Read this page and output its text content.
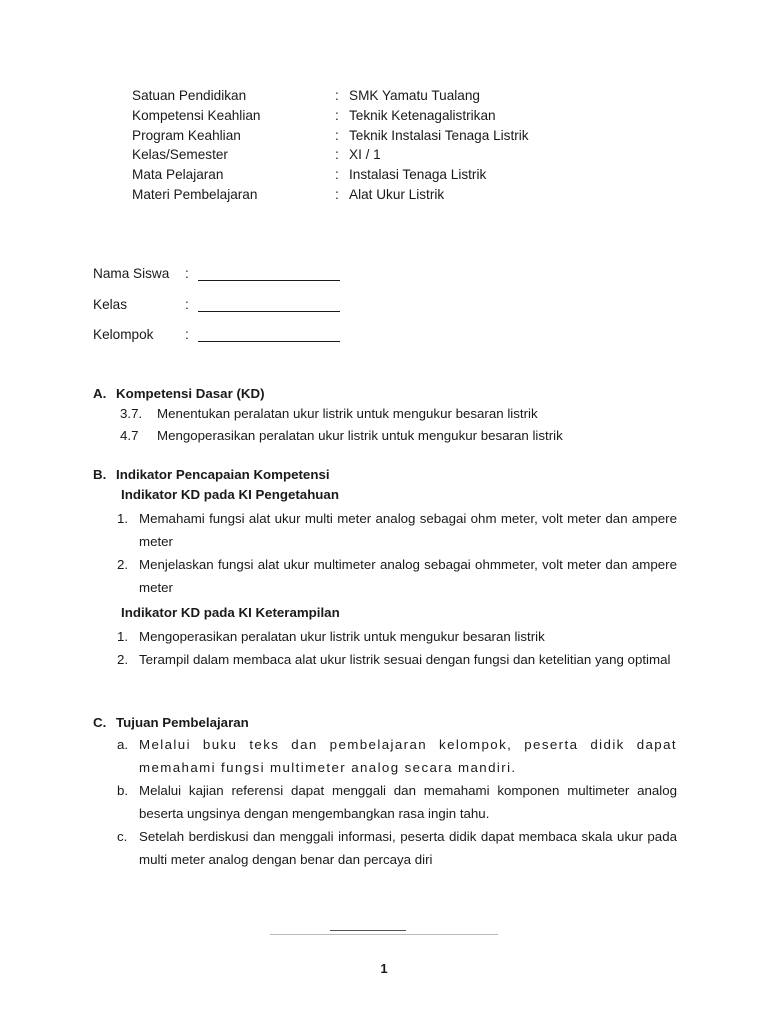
Satuan Pendidikan	: SMK Yamatu Tualang
Kompetensi Keahlian	: Teknik Ketenagalistrikan
Program Keahlian	: Teknik Instalasi Tenaga Listrik
Kelas/Semester	: XI / 1
Mata Pelajaran	: Instalasi Tenaga Listrik
Materi Pembelajaran	: Alat Ukur Listrik
Nama Siswa	:
Kelas	:
Kelompok	:
A. Kompetensi Dasar (KD)
3.7.	Menentukan peralatan ukur listrik untuk mengukur besaran listrik
4.7	Mengoperasikan peralatan ukur listrik untuk mengukur besaran listrik
B. Indikator Pencapaian Kompetensi
Indikator KD pada KI Pengetahuan
1. Memahami fungsi alat ukur multi meter analog sebagai ohm meter, volt meter dan ampere meter
2. Menjelaskan fungsi alat ukur multimeter analog sebagai ohmmeter, volt meter dan ampere meter
Indikator KD pada KI Keterampilan
1. Mengoperasikan peralatan ukur listrik untuk mengukur besaran listrik
2. Terampil dalam membaca alat ukur listrik sesuai dengan fungsi dan ketelitian yang optimal
C. Tujuan Pembelajaran
a. Melalui buku teks dan pembelajaran kelompok, peserta didik dapat memahami fungsi multimeter analog secara mandiri.
b. Melalui kajian referensi dapat menggali dan memahami komponen multimeter analog beserta ungsinya dengan mengembangkan rasa ingin tahu.
c. Setelah berdiskusi dan menggali informasi, peserta didik dapat membaca skala ukur pada multi meter analog dengan benar dan percaya diri
1
